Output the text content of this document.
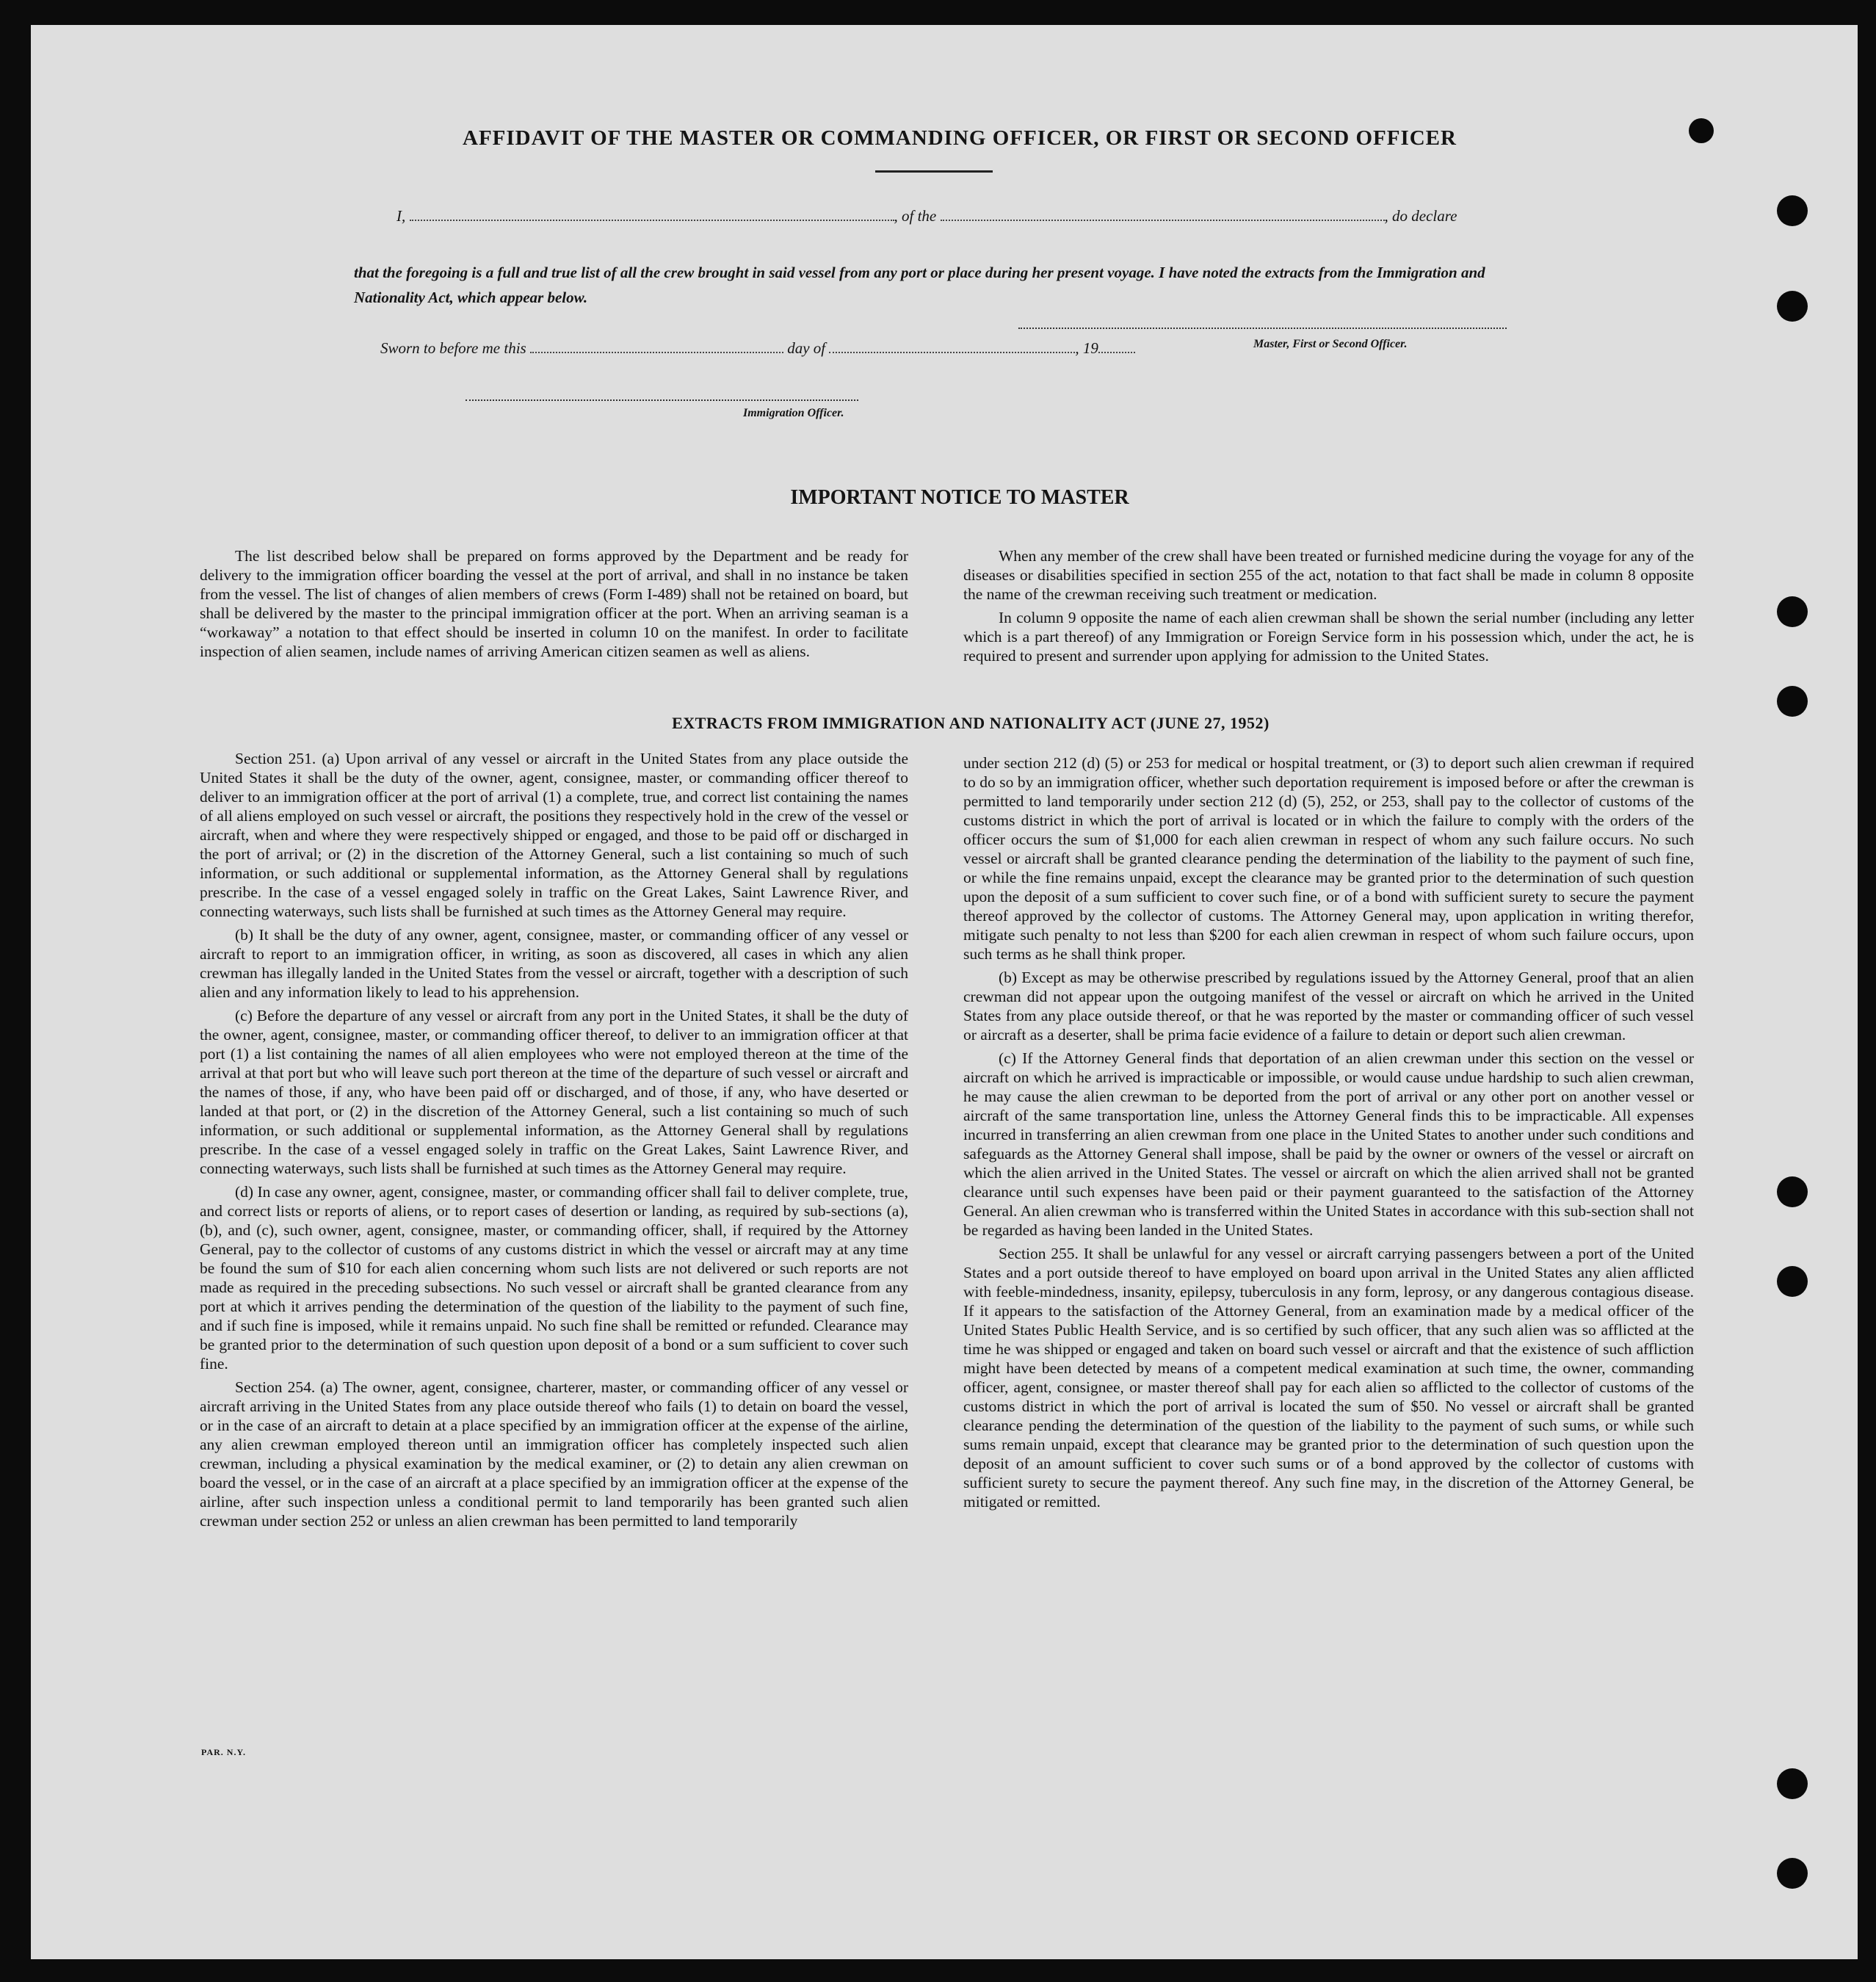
AFFIDAVIT OF THE MASTER OR COMMANDING OFFICER, OR FIRST OR SECOND OFFICER
I,	, of the	, do declare

that the foregoing is a full and true list of all the crew brought in said vessel from any port or place during her present voyage. I have noted the extracts from the Immigration and Nationality Act, which appear below.

Master, First or Second Officer.
Sworn to before me this	day of	, 19
Immigration Officer.
IMPORTANT NOTICE TO MASTER

The list described below shall be prepared on forms approved by the Department and be ready for delivery to the immigration officer boarding the vessel at the port of arrival, and shall in no instance be taken from the vessel. The list of changes of alien members of crews (Form I-489) shall not be retained on board, but shall be delivered by the master to the principal immigration officer at the port. When an arriving seaman is a “workaway” a notation to that effect should be inserted in column 10 on the manifest. In order to facilitate inspection of alien seamen, include names of arriving American citizen seamen as well as aliens.

When any member of the crew shall have been treated or furnished medicine during the voyage for any of the diseases or disabilities specified in section 255 of the act, notation to that fact shall be made in column 8 opposite the name of the crewman receiving such treatment or medication.

In column 9 opposite the name of each alien crewman shall be shown the serial number (including any letter which is a part thereof) of any Immigration or Foreign Service form in his possession which, under the act, he is required to present and surrender upon applying for admission to the United States.

EXTRACTS FROM IMMIGRATION AND NATIONALITY ACT (JUNE 27, 1952)

Section 251. (a) Upon arrival of any vessel or aircraft in the United States from any place outside the United States it shall be the duty of the owner, agent, consignee, master, or commanding officer thereof to deliver to an immigration officer at the port of arrival (1) a complete, true, and correct list containing the names of all aliens employed on such vessel or aircraft, the positions they respectively hold in the crew of the vessel or aircraft, when and where they were respectively shipped or engaged, and those to be paid off or discharged in the port of arrival; or (2) in the discretion of the Attorney General, such a list containing so much of such information, or such additional or supplemental information, as the Attorney General shall by regulations prescribe. In the case of a vessel engaged solely in traffic on the Great Lakes, Saint Lawrence River, and connecting waterways, such lists shall be furnished at such times as the Attorney General may require.

(b) It shall be the duty of any owner, agent, consignee, master, or commanding officer of any vessel or aircraft to report to an immigration officer, in writing, as soon as discovered, all cases in which any alien crewman has illegally landed in the United States from the vessel or aircraft, together with a description of such alien and any information likely to lead to his apprehension.

(c) Before the departure of any vessel or aircraft from any port in the United States, it shall be the duty of the owner, agent, consignee, master, or commanding officer thereof, to deliver to an immigration officer at that port (1) a list containing the names of all alien employees who were not employed thereon at the time of the arrival at that port but who will leave such port thereon at the time of the departure of such vessel or aircraft and the names of those, if any, who have been paid off or discharged, and of those, if any, who have deserted or landed at that port, or (2) in the discretion of the Attorney General, such a list containing so much of such information, or such additional or supplemental information, as the Attorney General shall by regulations prescribe. In the case of a vessel engaged solely in traffic on the Great Lakes, Saint Lawrence River, and connecting waterways, such lists shall be furnished at such times as the Attorney General may require.

(d) In case any owner, agent, consignee, master, or commanding officer shall fail to deliver complete, true, and correct lists or reports of aliens, or to report cases of desertion or landing, as required by sub-sections (a), (b), and (c), such owner, agent, consignee, master, or commanding officer, shall, if required by the Attorney General, pay to the collector of customs of any customs district in which the vessel or aircraft may at any time be found the sum of $10 for each alien concerning whom such lists are not delivered or such reports are not made as required in the preceding subsections. No such vessel or aircraft shall be granted clearance from any port at which it arrives pending the determination of the question of the liability to the payment of such fine, and if such fine is imposed, while it remains unpaid. No such fine shall be remitted or refunded. Clearance may be granted prior to the determination of such question upon deposit of a bond or a sum sufficient to cover such fine.

Section 254. (a) The owner, agent, consignee, charterer, master, or commanding officer of any vessel or aircraft arriving in the United States from any place outside thereof who fails (1) to detain on board the vessel, or in the case of an aircraft to detain at a place specified by an immigration officer at the expense of the airline, any alien crewman employed thereon until an immigration officer has completely inspected such alien crewman, including a physical examination by the medical examiner, or (2) to detain any alien crewman on board the vessel, or in the case of an aircraft at a place specified by an immigration officer at the expense of the airline, after such inspection unless a conditional permit to land temporarily has been granted such alien crewman under section 252 or unless an alien crewman has been permitted to land temporarily

under section 212 (d) (5) or 253 for medical or hospital treatment, or (3) to deport such alien crewman if required to do so by an immigration officer, whether such deportation requirement is imposed before or after the crewman is permitted to land temporarily under section 212 (d) (5), 252, or 253, shall pay to the collector of customs of the customs district in which the port of arrival is located or in which the failure to comply with the orders of the officer occurs the sum of $1,000 for each alien crewman in respect of whom any such failure occurs. No such vessel or aircraft shall be granted clearance pending the determination of the liability to the payment of such fine, or while the fine remains unpaid, except the clearance may be granted prior to the determination of such question upon the deposit of a sum sufficient to cover such fine, or of a bond with sufficient surety to secure the payment thereof approved by the collector of customs. The Attorney General may, upon application in writing therefor, mitigate such penalty to not less than $200 for each alien crewman in respect of whom such failure occurs, upon such terms as he shall think proper.

(b) Except as may be otherwise prescribed by regulations issued by the Attorney General, proof that an alien crewman did not appear upon the outgoing manifest of the vessel or aircraft on which he arrived in the United States from any place outside thereof, or that he was reported by the master or commanding officer of such vessel or aircraft as a deserter, shall be prima facie evidence of a failure to detain or deport such alien crewman.

(c) If the Attorney General finds that deportation of an alien crewman under this section on the vessel or aircraft on which he arrived is impracticable or impossible, or would cause undue hardship to such alien crewman, he may cause the alien crewman to be deported from the port of arrival or any other port on another vessel or aircraft of the same transportation line, unless the Attorney General finds this to be impracticable. All expenses incurred in transferring an alien crewman from one place in the United States to another under such conditions and safeguards as the Attorney General shall impose, shall be paid by the owner or owners of the vessel or aircraft on which the alien arrived in the United States. The vessel or aircraft on which the alien arrived shall not be granted clearance until such expenses have been paid or their payment guaranteed to the satisfaction of the Attorney General. An alien crewman who is transferred within the United States in accordance with this sub-section shall not be regarded as having been landed in the United States.

Section 255. It shall be unlawful for any vessel or aircraft carrying passengers between a port of the United States and a port outside thereof to have employed on board upon arrival in the United States any alien afflicted with feeble-mindedness, insanity, epilepsy, tuberculosis in any form, leprosy, or any dangerous contagious disease. If it appears to the satisfaction of the Attorney General, from an examination made by a medical officer of the United States Public Health Service, and is so certified by such officer, that any such alien was so afflicted at the time he was shipped or engaged and taken on board such vessel or aircraft and that the existence of such affliction might have been detected by means of a competent medical examination at such time, the owner, commanding officer, agent, consignee, or master thereof shall pay for each alien so afflicted to the collector of customs of the customs district in which the port of arrival is located the sum of $50. No vessel or aircraft shall be granted clearance pending the determination of the question of the liability to the payment of such sums, or while such sums remain unpaid, except that clearance may be granted prior to the determination of such question upon the deposit of an amount sufficient to cover such sums or of a bond approved by the collector of customs with sufficient surety to secure the payment thereof. Any such fine may, in the discretion of the Attorney General, be mitigated or remitted.

PAR. N.Y.
